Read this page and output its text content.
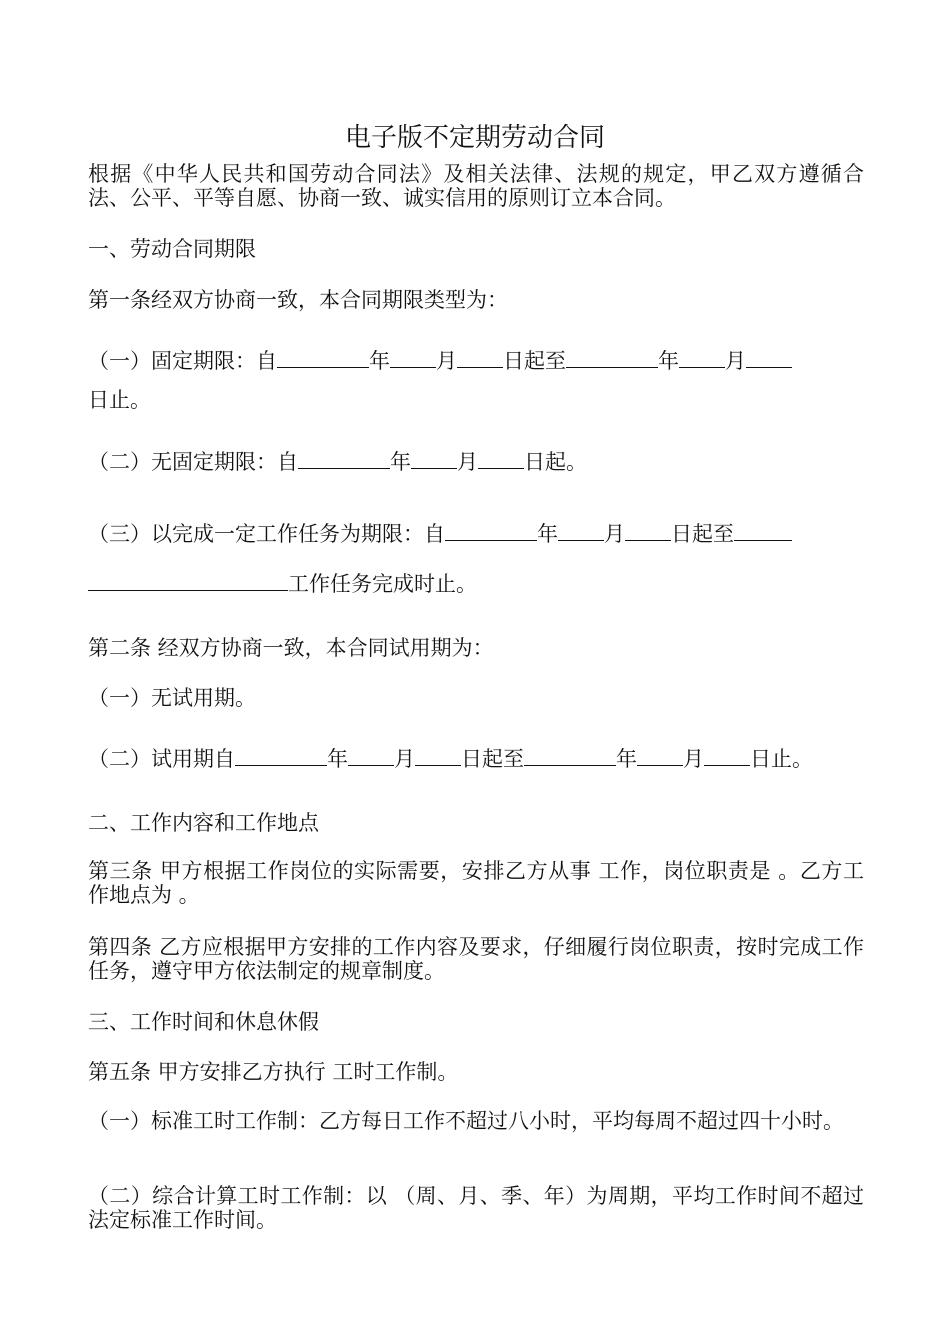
电子版不定期劳动合同
根据《中华人民共和国劳动合同法》及相关法律、法规的规定，甲乙双方遵循合法、公平、平等自愿、协商一致、诚实信用的原则订立本合同。
一、劳动合同期限
第一条经双方协商一致，本合同期限类型为：
（一）固定期限：自	年 月 日起至	年 月
日止。
（二）无固定期限：自	年 月 日起。
（三）以完成一定工作任务为期限：自	年 月 日起至
工作任务完成时止。
第二条 经双方协商一致，本合同试用期为：
（一）无试用期。
（二）试用期自	年 月 日起至	年 月 日止。
二、工作内容和工作地点
第三条 甲方根据工作岗位的实际需要，安排乙方从事 工作，岗位职责是 。乙方工作地点为 。
第四条 乙方应根据甲方安排的工作内容及要求，仔细履行岗位职责，按时完成工作任务，遵守甲方依法制定的规章制度。
三、工作时间和休息休假
第五条 甲方安排乙方执行 工时工作制。
（一）标准工时工作制：乙方每日工作不超过八小时，平均每周不超过四十小时。
（二）综合计算工时工作制：以 （周、月、季、年）为周期，平均工作时间不超过法定标准工作时间。
